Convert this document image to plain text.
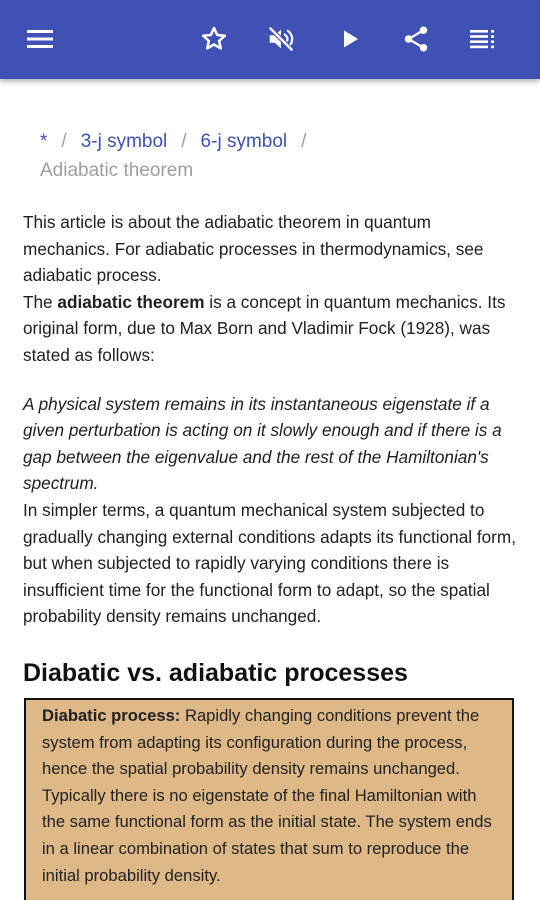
* / 3-j symbol / 6-j symbol /
Adiabatic theorem

This article is about the adiabatic theorem in quantum mechanics. For adiabatic processes in thermodynamics, see adiabatic process.

The adiabatic theorem is a concept in quantum mechanics. Its original form, due to Max Born and Vladimir Fock (1928), was stated as follows:

A physical system remains in its instantaneous eigenstate if a given perturbation is acting on it slowly enough and if there is a gap between the eigenvalue and the rest of the Hamiltonian's spectrum.

In simpler terms, a quantum mechanical system subjected to gradually changing external conditions adapts its functional form, but when subjected to rapidly varying conditions there is insufficient time for the functional form to adapt, so the spatial probability density remains unchanged.

Diabatic vs. adiabatic processes
Diabatic process: Rapidly changing conditions prevent the system from adapting its configuration during the process, hence the spatial probability density remains unchanged. Typically there is no eigenstate of the final Hamiltonian with the same functional form as the initial state. The system ends in a linear combination of states that sum to reproduce the initial probability density.
